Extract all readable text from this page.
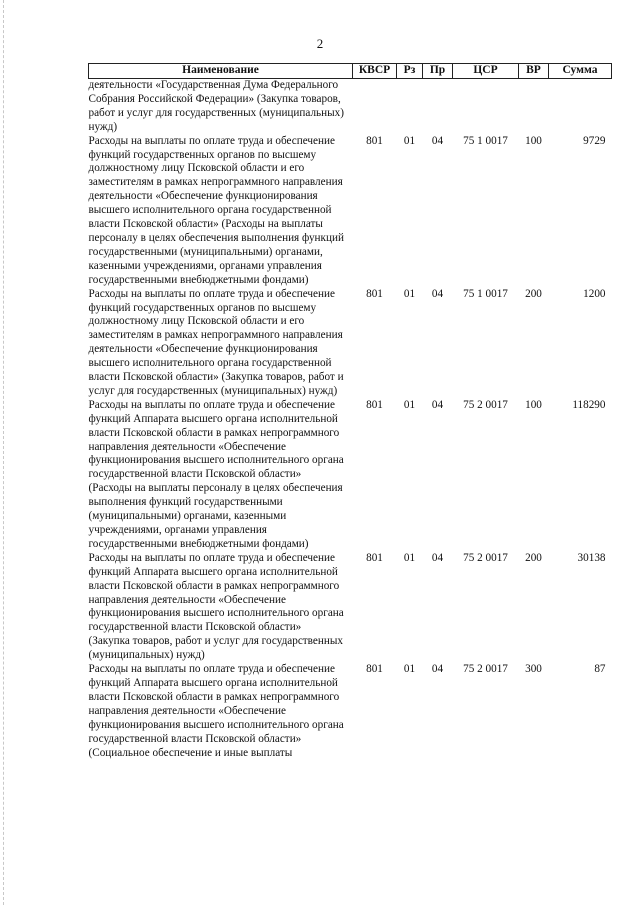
2
Наименование	КВСР	Рз	Пр	ЦСР	ВР	Сумма
деятельности «Государственная Дума Федерального Собрания Российской Федерации» (Закупка товаров, работ и услуг для государственных (муниципальных) нужд)						
Расходы на выплаты по оплате труда и обеспечение функций государственных органов по высшему должностному лицу Псковской области и его заместителям в рамках непрограммного направления деятельности «Обеспечение функционирования высшего исполнительного органа государственной власти Псковской области» (Расходы на выплаты персоналу в целях обеспечения выполнения функций государственными (муниципальными) органами, казенными учреждениями, органами управления государственными внебюджетными фондами)	801	01	04	75 1 0017	100	9729
Расходы на выплаты по оплате труда и обеспечение функций государственных органов по высшему должностному лицу Псковской области и его заместителям в рамках непрограммного направления деятельности «Обеспечение функционирования высшего исполнительного органа государственной власти Псковской области» (Закупка товаров, работ и услуг для государственных (муниципальных) нужд)	801	01	04	75 1 0017	200	1200
Расходы на выплаты по оплате труда и обеспечение функций Аппарата высшего органа исполнительной власти Псковской области в рамках непрограммного направления деятельности «Обеспечение функционирования высшего исполнительного органа государственной власти Псковской области» (Расходы на выплаты персоналу в целях обеспечения выполнения функций государственными (муниципальными) органами, казенными учреждениями, органами управления государственными внебюджетными фондами)	801	01	04	75 2 0017	100	118290
Расходы на выплаты по оплате труда и обеспечение функций Аппарата высшего органа исполнительной власти Псковской области в рамках непрограммного направления деятельности «Обеспечение функционирования высшего исполнительного органа государственной власти Псковской области» (Закупка товаров, работ и услуг для государственных (муниципальных) нужд)	801	01	04	75 2 0017	200	30138
Расходы на выплаты по оплате труда и обеспечение функций Аппарата высшего органа исполнительной власти Псковской области в рамках непрограммного направления деятельности «Обеспечение функционирования высшего исполнительного органа государственной власти Псковской области» (Социальное обеспечение и иные выплаты	801	01	04	75 2 0017	300	87
